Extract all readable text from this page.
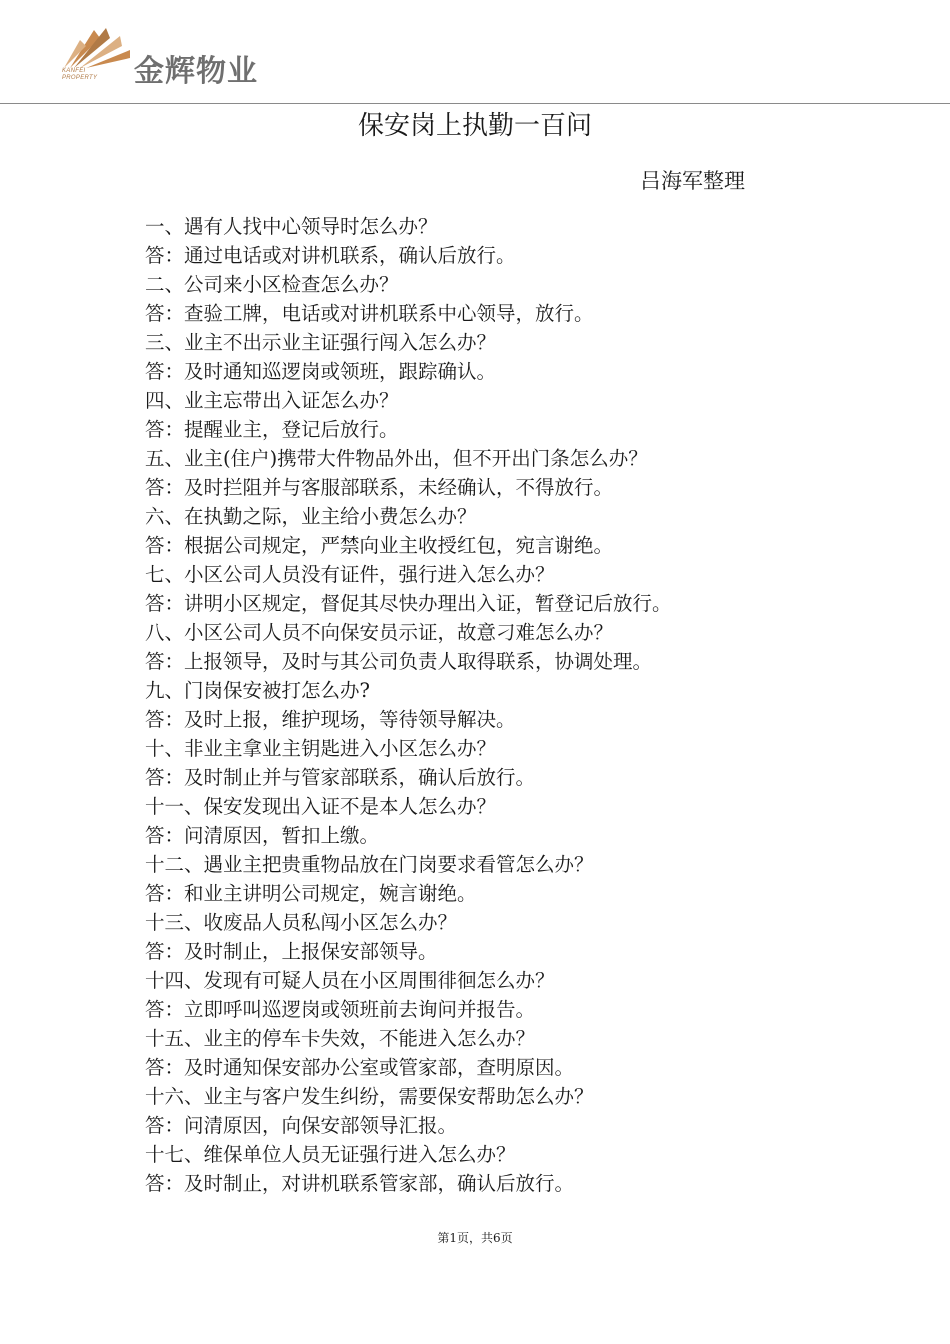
KANFEI
PROPERTY 金辉物业
保安岗上执勤一百问
吕海军整理
一、遇有人找中心领导时怎么办？
答：通过电话或对讲机联系，确认后放行。
二、公司来小区检查怎么办？
答：查验工牌，电话或对讲机联系中心领导，放行。
三、业主不出示业主证强行闯入怎么办？
答：及时通知巡逻岗或领班，跟踪确认。
四、业主忘带出入证怎么办？
答：提醒业主，登记后放行。
五、业主(住户)携带大件物品外出，但不开出门条怎么办？
答：及时拦阻并与客服部联系，未经确认，不得放行。
六、在执勤之际，业主给小费怎么办？
答：根据公司规定，严禁向业主收授红包，宛言谢绝。
七、小区公司人员没有证件，强行进入怎么办？
答：讲明小区规定，督促其尽快办理出入证，暂登记后放行。
八、小区公司人员不向保安员示证，故意刁难怎么办？
答：上报领导，及时与其公司负责人取得联系，协调处理。
九、门岗保安被打怎么办?
答：及时上报，维护现场，等待领导解决。
十、非业主拿业主钥匙进入小区怎么办？
答：及时制止并与管家部联系，确认后放行。
十一、保安发现出入证不是本人怎么办？
答：问清原因，暂扣上缴。
十二、遇业主把贵重物品放在门岗要求看管怎么办？
答：和业主讲明公司规定，婉言谢绝。
十三、收废品人员私闯小区怎么办？
答：及时制止，上报保安部领导。
十四、发现有可疑人员在小区周围徘徊怎么办？
答：立即呼叫巡逻岗或领班前去询问并报告。
十五、业主的停车卡失效，不能进入怎么办？
答：及时通知保安部办公室或管家部，查明原因。
十六、业主与客户发生纠纷，需要保安帮助怎么办？
答：问清原因，向保安部领导汇报。
十七、维保单位人员无证强行进入怎么办？
答：及时制止，对讲机联系管家部，确认后放行。
第1页，共6页
